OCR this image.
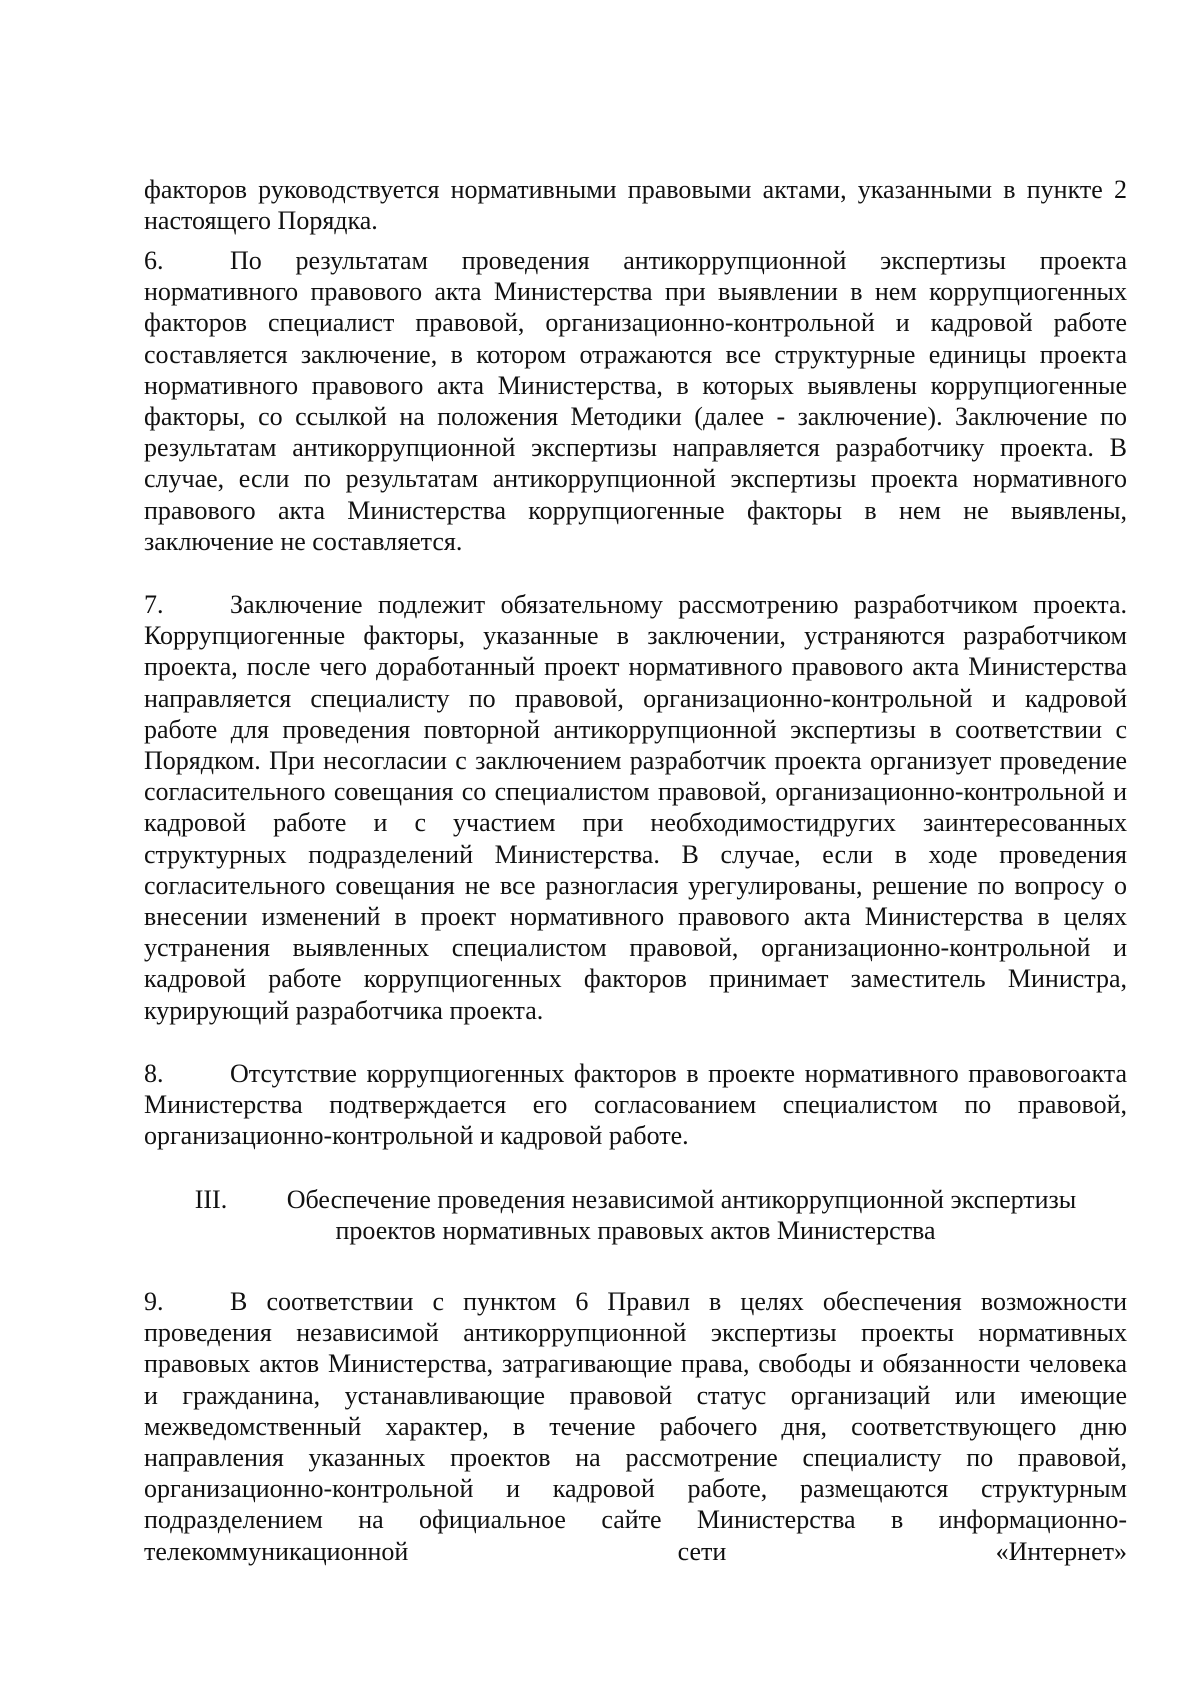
факторов руководствуется нормативными правовыми актами, указанными в пункте 2 настоящего Порядка.

6.	По результатам проведения антикоррупционной экспертизы проекта нормативного правового акта Министерства при выявлении в нем коррупциогенных факторов специалист правовой, организационно-контрольной и кадровой работе составляется заключение, в котором отражаются все структурные единицы проекта нормативного правового акта Министерства, в которых выявлены коррупциогенные факторы, со ссылкой на положения Методики (далее - заключение). Заключение по результатам антикоррупционной экспертизы направляется разработчику проекта. В случае, если по результатам антикоррупционной экспертизы проекта нормативного правового акта Министерства коррупциогенные факторы в нем не выявлены, заключение не составляется.

7.	Заключение подлежит обязательному рассмотрению разработчиком проекта. Коррупциогенные факторы, указанные в заключении, устраняются разработчиком проекта, после чего доработанный проект нормативного правового акта Министерства направляется специалисту по правовой, организационно-контрольной и кадровой работе для проведения повторной антикоррупционной экспертизы в соответствии с Порядком. При несогласии с заключением разработчик проекта организует проведение согласительного совещания со специалистом правовой, организационно-контрольной и кадровой работе и с участием при необходимостидругих заинтересованных структурных подразделений Министерства. В случае, если в ходе проведения согласительного совещания не все разногласия урегулированы, решение по вопросу о внесении изменений в проект нормативного правового акта Министерства в целях устранения выявленных специалистом правовой, организационно-контрольной и кадровой работе коррупциогенных факторов принимает заместитель Министра, курирующий разработчика проекта.

8.	Отсутствие коррупциогенных факторов в проекте нормативного правовогоакта Министерства подтверждается его согласованием специалистом по правовой, организационно-контрольной и кадровой работе.

III. Обеспечение проведения независимой антикоррупционной экспертизы
проектов нормативных правовых актов Министерства

9.	В соответствии с пунктом 6 Правил в целях обеспечения возможности проведения независимой антикоррупционной экспертизы проекты нормативных правовых актов Министерства, затрагивающие права, свободы и обязанности человека и гражданина, устанавливающие правовой статус организаций или имеющие межведомственный характер, в течение рабочего дня, соответствующего дню направления указанных проектов на рассмотрение специалисту по правовой, организационно-контрольной и кадровой работе, размещаются структурным подразделением на официальное сайте Министерства в информационно-телекоммуникационной сети «Интернет»
